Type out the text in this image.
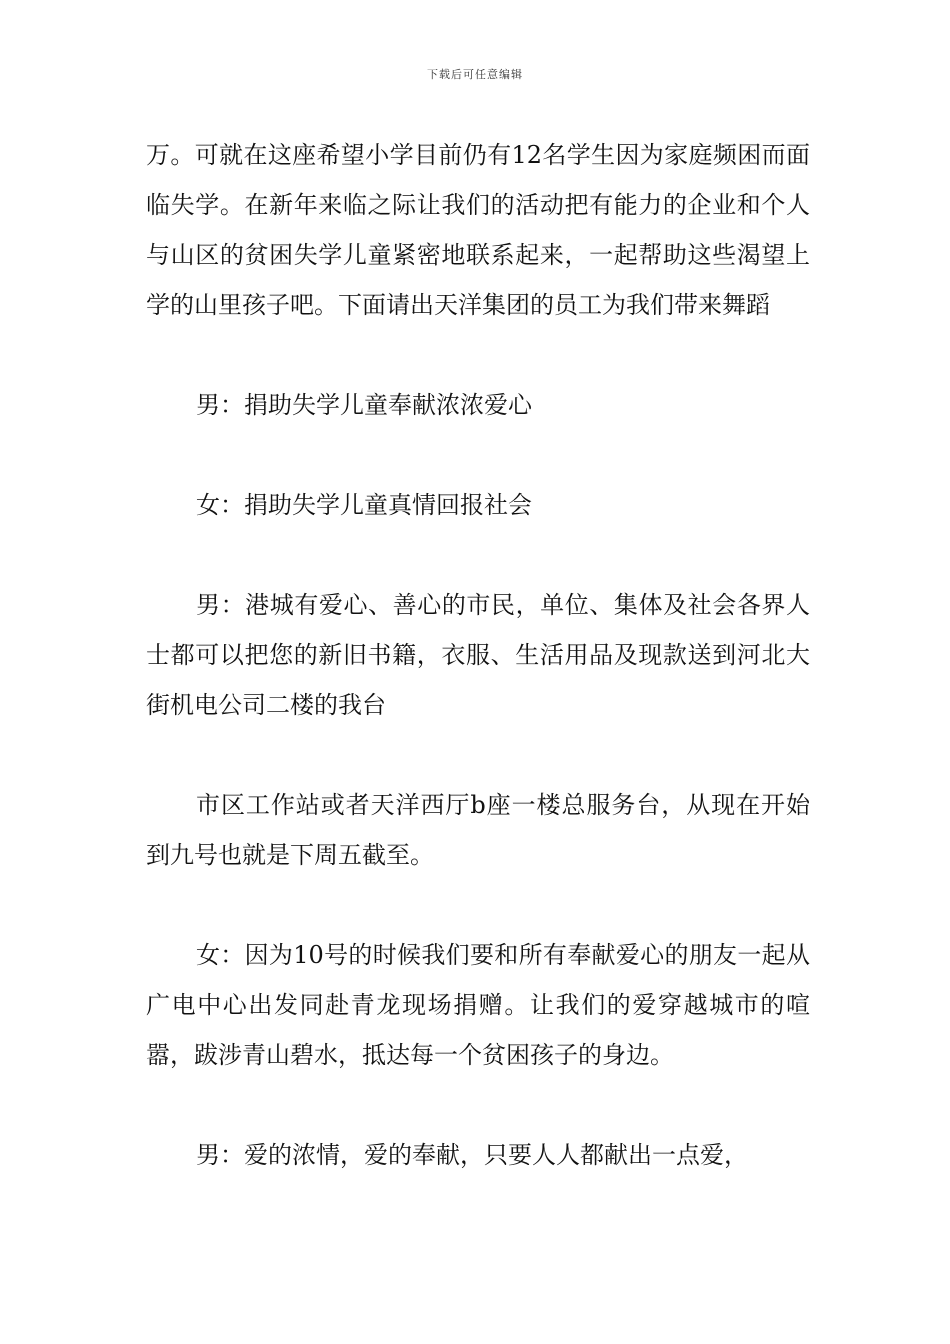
下载后可任意编辑

万。可就在这座希望小学目前仍有12名学生因为家庭频困而面临失学。在新年来临之际让我们的活动把有能力的企业和个人与山区的贫困失学儿童紧密地联系起来，一起帮助这些渴望上学的山里孩子吧。下面请出天洋集团的员工为我们带来舞蹈

男：捐助失学儿童奉献浓浓爱心

女：捐助失学儿童真情回报社会

男：港城有爱心、善心的市民，单位、集体及社会各界人士都可以把您的新旧书籍，衣服、生活用品及现款送到河北大街机电公司二楼的我台

市区工作站或者天洋西厅b座一楼总服务台，从现在开始到九号也就是下周五截至。

女：因为10号的时候我们要和所有奉献爱心的朋友一起从广电中心出发同赴青龙现场捐赠。让我们的爱穿越城市的喧嚣，跋涉青山碧水，抵达每一个贫困孩子的身边。

男：爱的浓情，爱的奉献，只要人人都献出一点爱，
